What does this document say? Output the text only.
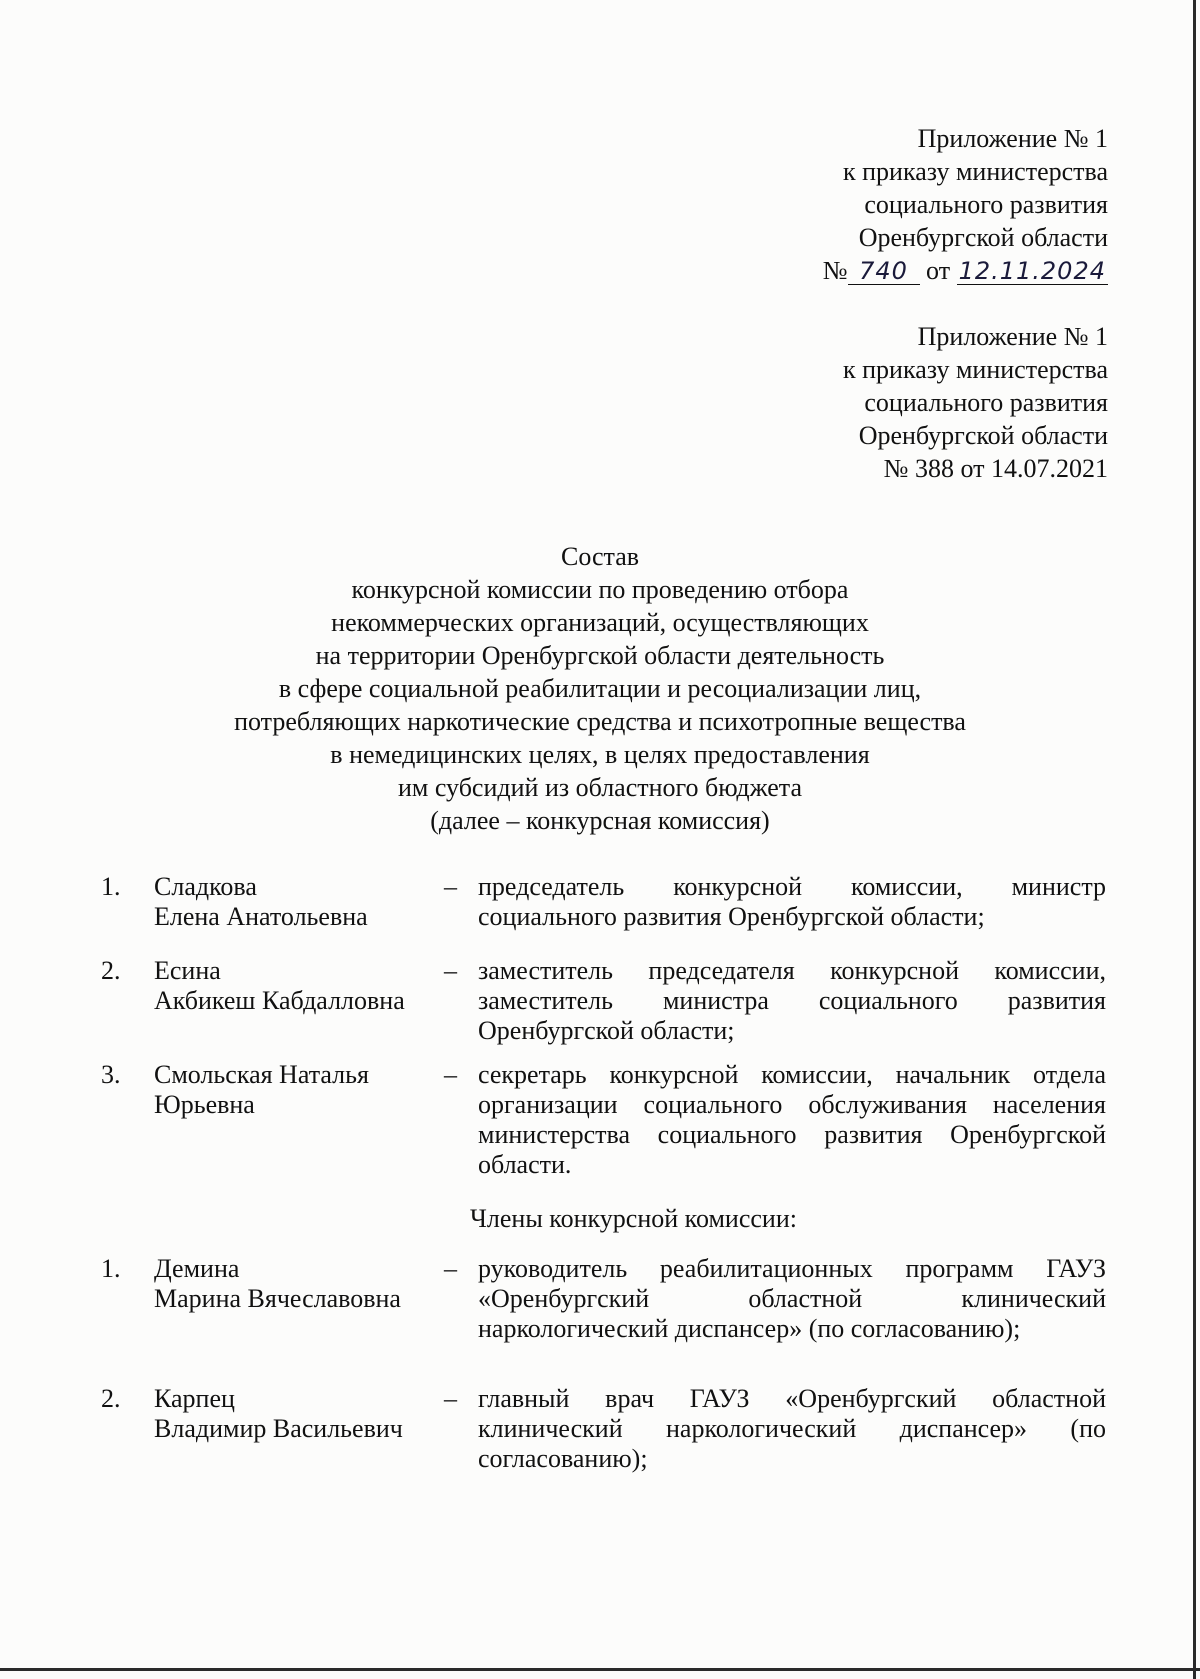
Приложение № 1
к приказу министерства
социального развития
Оренбургской области
№ 740 от 12.11.2024
Приложение № 1
к приказу министерства
социального развития
Оренбургской области
№ 388 от 14.07.2021
Состав
конкурсной комиссии по проведению отбора
некоммерческих организаций, осуществляющих
на территории Оренбургской области деятельность
в сфере социальной реабилитации и ресоциализации лиц,
потребляющих наркотические средства и психотропные вещества
в немедицинских целях, в целях предоставления
им субсидий из областного бюджета
(далее – конкурсная комиссия)
1. Сладкова
Елена Анатольевна
– председатель конкурсной комиссии, министр социального развития Оренбургской области;
2. Есина
Акбикеш Кабдалловна
– заместитель председателя конкурсной комиссии, заместитель министра социального развития Оренбургской области;
3. Смольская Наталья
Юрьевна
– секретарь конкурсной комиссии, начальник отдела организации социального обслуживания населения министерства социального развития Оренбургской области.
Члены конкурсной комиссии:
1. Демина
Марина Вячеславовна
– руководитель реабилитационных программ ГАУЗ «Оренбургский областной клинический наркологический диспансер» (по согласованию);
2. Карпец
Владимир Васильевич
– главный врач ГАУЗ «Оренбургский областной клинический наркологический диспансер» (по согласованию);
